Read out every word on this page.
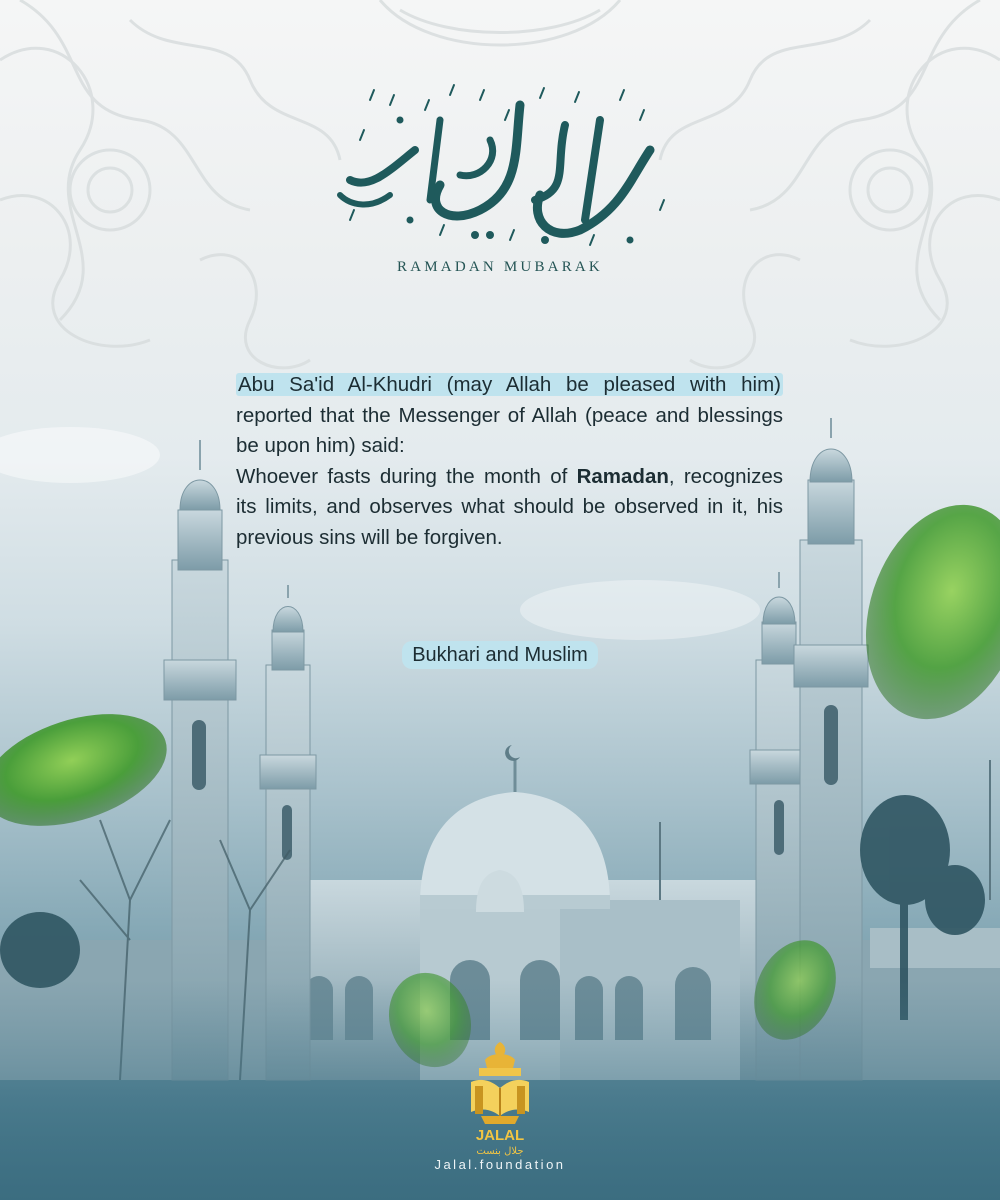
RAMADAN MUBARAK
Abu Sa'id Al-Khudri (may Allah be pleased with him) reported that the Messenger of Allah (peace and blessings be upon him) said:
Whoever fasts during the month of Ramadan, recognizes its limits, and observes what should be observed in it, his previous sins will be forgiven.
Bukhari and Muslim
JALAL
جلال بنست
Jalal.foundation
